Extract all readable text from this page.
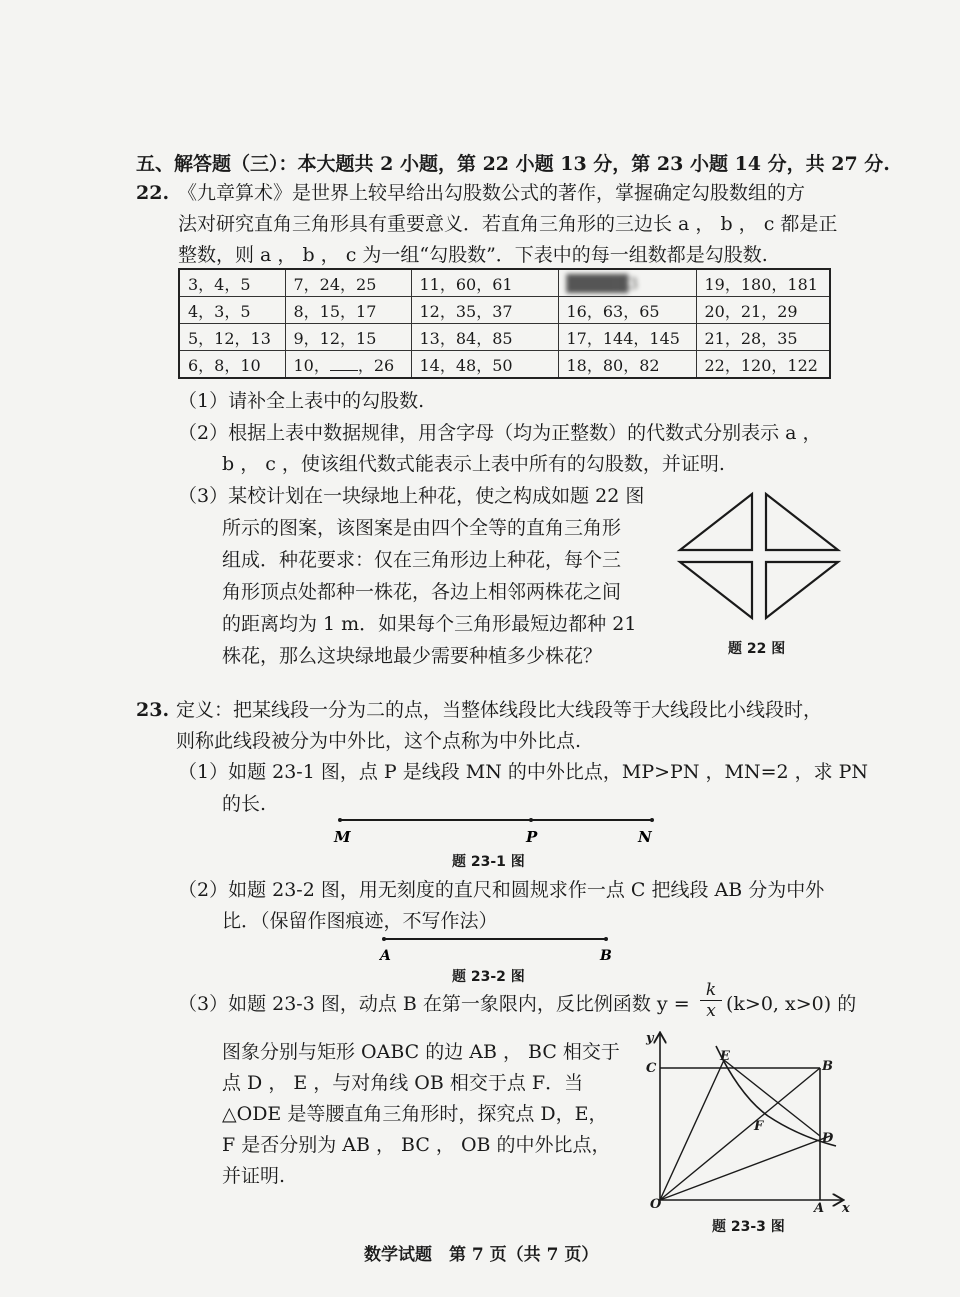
五、解答题（三）：本大题共 2 小题，第 22 小题 13 分，第 23 小题 14 分，共 27 分.
22. 《九章算术》是世界上较早给出勾股数公式的著作，掌握确定勾股数组的方
法对研究直角三角形具有重要意义．若直角三角形的三边长 a ， b ， c 都是正
整数，则 a ， b ， c 为一组“勾股数”．下表中的每一组数都是勾股数.
3，4，5	7，24，25	11，60，61	█████3	19，180，181
4，3，5	8，15，17	12，35，37	16，63，65	20，21，29
5，12，13	9，12，15	13，84，85	17，144，145	21，28，35
6，8，10	10， ，26	14，48，50	18，80，82	22，120，122
（1）请补全上表中的勾股数.
（2）根据上表中数据规律，用含字母（均为正整数）的代数式分别表示 a ，
b ， c ，使该组代数式能表示上表中所有的勾股数，并证明.
（3）某校计划在一块绿地上种花，使之构成如题 22 图
所示的图案，该图案是由四个全等的直角三角形
组成．种花要求：仅在三角形边上种花，每个三
角形顶点处都种一株花，各边上相邻两株花之间
的距离均为 1 m．如果每个三角形最短边都种 21
株花，那么这块绿地最少需要种植多少株花？	题 22 图
23. 定义：把某线段一分为二的点，当整体线段比大线段等于大线段比小线段时，
则称此线段被分为中外比，这个点称为中外比点.
（1）如题 23-1 图，点 P 是线段 MN 的中外比点，MP>PN ，MN=2 ，求 PN
的长.
M	P	N
题 23-1 图
（2）如题 23-2 图，用无刻度的直尺和圆规求作一点 C 把线段 AB 分为中外
比．（保留作图痕迹，不写作法）
A	B
题 23-2 图
（3）如题 23-3 图，动点 B 在第一象限内，反比例函数 $y = \frac{k}{x} (k>0$, x>0) 的
图象分别与矩形 OABC 的边 AB ， BC 相交于
点 D ， E ，与对角线 OB 相交于点 F．当
△ODE 是等腰直角三角形时，探究点 D，E，
F 是否分别为 AB ， BC ， OB 的中外比点，
并证明.
y
C
E
B
F
D
O	A x
题 23-3 图
数学试题　第 7 页（共 7 页）
